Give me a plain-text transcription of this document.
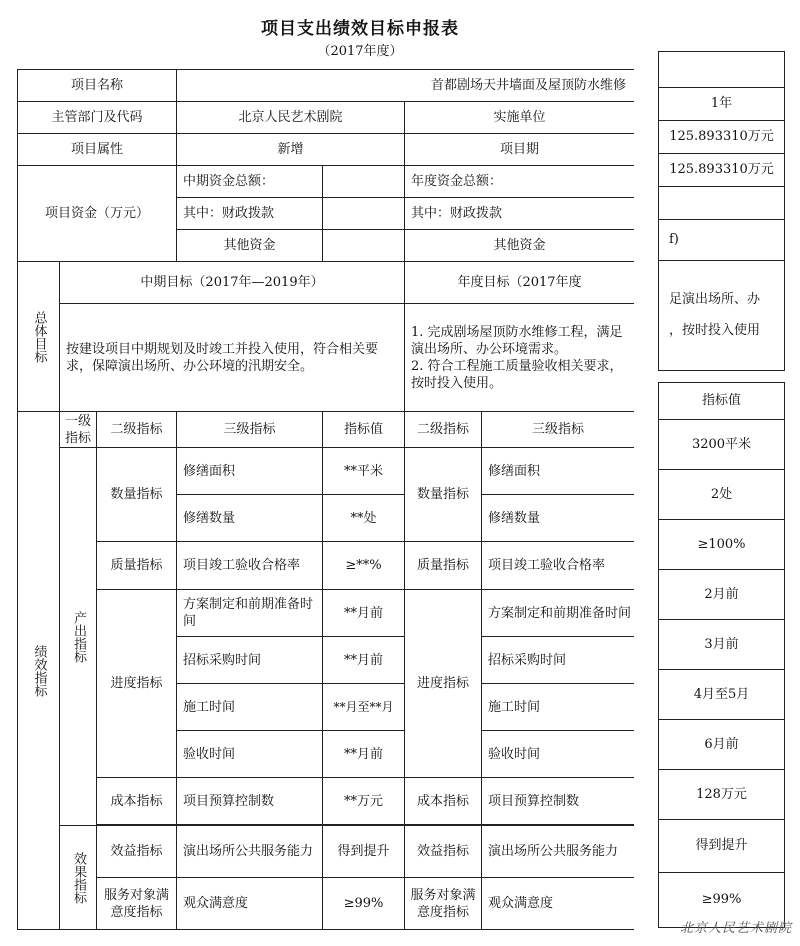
项目支出绩效目标申报表
（2017年度）
项目名称			首都剧场天井墙面及屋顶防水维修			
主管部门及代码			北京人民艺术剧院		实施单位	
项目属性			新增		项目期	
项目资金（万元）			中期资金总额：		年度资金总额：	
			其中：财政拨款		其中：财政拨款	
			其他资金		其他资金	

总体目标	中期目标（2017年—2019年）				年度目标（2017年度	
	按建设项目中期规划及时竣工并投入使用，符合相关要求，保障演出场所、办公环境的汛期安全。				1. 完成剧场屋顶防水维修工程，满足演出场所、办公环境需求。
2. 符合工程施工质量验收相关要求，按时投入使用。	

绩效指标	一级指标	二级指标	三级指标	指标值	二级指标	三级指标

	产出指标	数量指标	修缮面积	**平米	数量指标	修缮面积
			修缮数量	**处		修缮数量
		质量指标	项目竣工验收合格率	≥**%	质量指标	项目竣工验收合格率
		进度指标	方案制定和前期准备时间	**月前	进度指标	方案制定和前期准备时间
			招标采购时间	**月前		招标采购时间
			施工时间	**月至**月		施工时间
			验收时间	**月前		验收时间
		成本指标	项目预算控制数	**万元	成本指标	项目预算控制数

	效果指标	效益指标	演出场所公共服务能力	得到提升	效益指标	演出场所公共服务能力
		服务对象满意度指标	观众满意度	≥99%	服务对象满意度指标	观众满意度

1年
125.893310万元
125.893310万元

f)

足演出场所、办
，按时投入使用

指标值
3200平米
2处
≥100%
2月前
3月前
4月至5月
6月前
128万元
得到提升
≥99%
北京人民艺术剧院
